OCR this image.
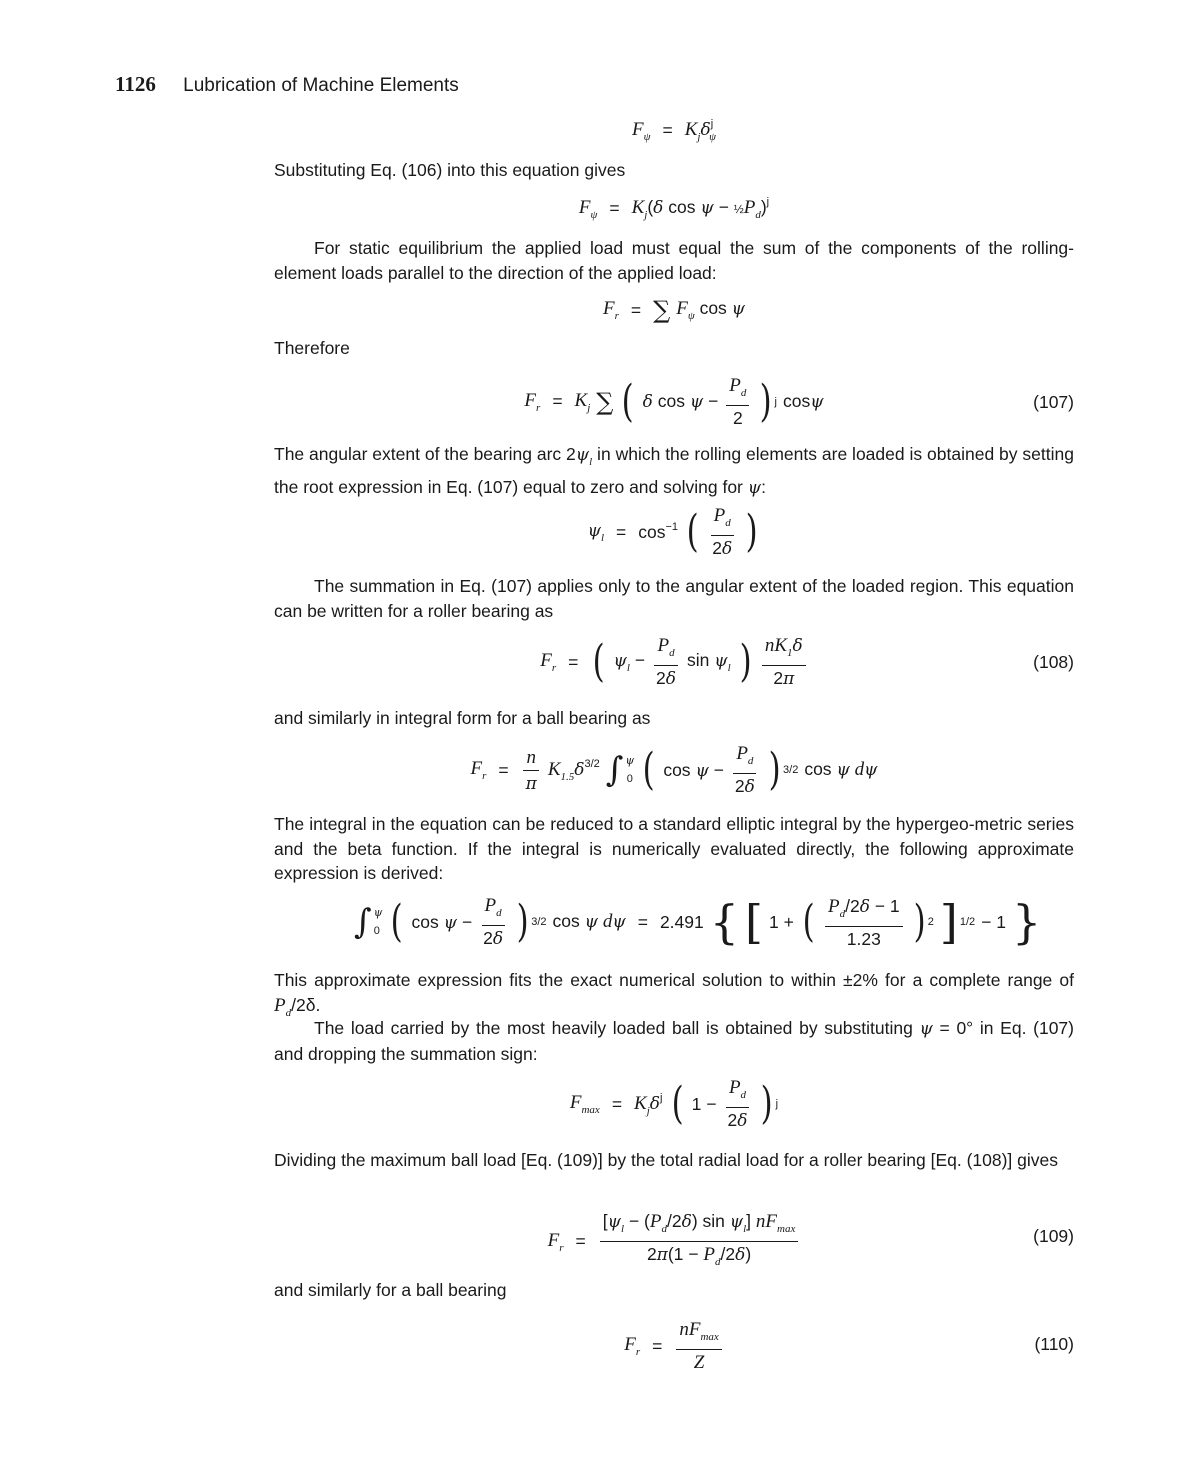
1126 Lubrication of Machine Elements
$F_\psi = K_j\delta^j_\psi$
Substituting Eq. (106) into this equation gives
$F_\psi = K_j(\delta$ $\cos \psi - \frac{1}{2}P_d)^j$
For static equilibrium the applied load must equal the sum of the components of the rolling-element loads parallel to the direction of the applied load:
$F_r$ = ∑ $F_\psi$ cos ψ
Therefore
$F_r = K_j$ ∑ ( δ $\cos \psi - \frac{P_d}{2}$ ) j cosψ	(107)
The angular extent of the bearing arc $2\psi_l$ in which the rolling elements are loaded is obtained by setting the root expression in Eq. (107) equal to zero and solving for ψ:
$\psi_l = \cos^{-1}$ ( $\frac{P_d}{2\delta}$ )
The summation in Eq. (107) applies only to the angular extent of the loaded region. This equation can be written for a roller bearing as
$F_r$ = ( $\psi_l - \frac{P_d}{2\delta}$ $\sin \psi_l$ ) $\frac{nK_1\delta}{2\pi}$	(108)
and similarly in integral form for a ball bearing as
$F_r = \frac{n}{\pi} K_{1.5}\delta^{3/2}$ ∫ ψ
0 ( $\cos \psi - \frac{P_d}{2\delta}$ ) 3/2 cos ψ dψ
The integral in the equation can be reduced to a standard elliptic integral by the hypergeo-metric series and the beta function. If the integral is numerically evaluated directly, the following approximate expression is derived:
∫ ψ
0 ( $\cos \psi - \frac{P_d}{2\delta}$ ) 3/2 cos ψ dψ = 2.491 { [ 1 + ( $\frac{P_d/2\delta - 1}{1.23}$ ) 2 ] 1/2 − 1 }
This approximate expression fits the exact numerical solution to within ±2% for a complete range of $P_d/2\delta$.
The load carried by the most heavily loaded ball is obtained by substituting ψ = 0° in Eq. (107) and dropping the summation sign:
$F_{max} = K_j\delta^j$ ( $1 - \frac{P_d}{2\delta}$ ) j
Dividing the maximum ball load [Eq. (109)] by the total radial load for a roller bearing [Eq. (108)] gives
$F_r = \frac{[\psi_l - (P_d/2\delta) \sin \psi_l] nF_{max}}{2\pi(1 - P_d/2\delta)}$	(109)
and similarly for a ball bearing
$F_r = \frac{nF_{max}}{Z}$	(110)
